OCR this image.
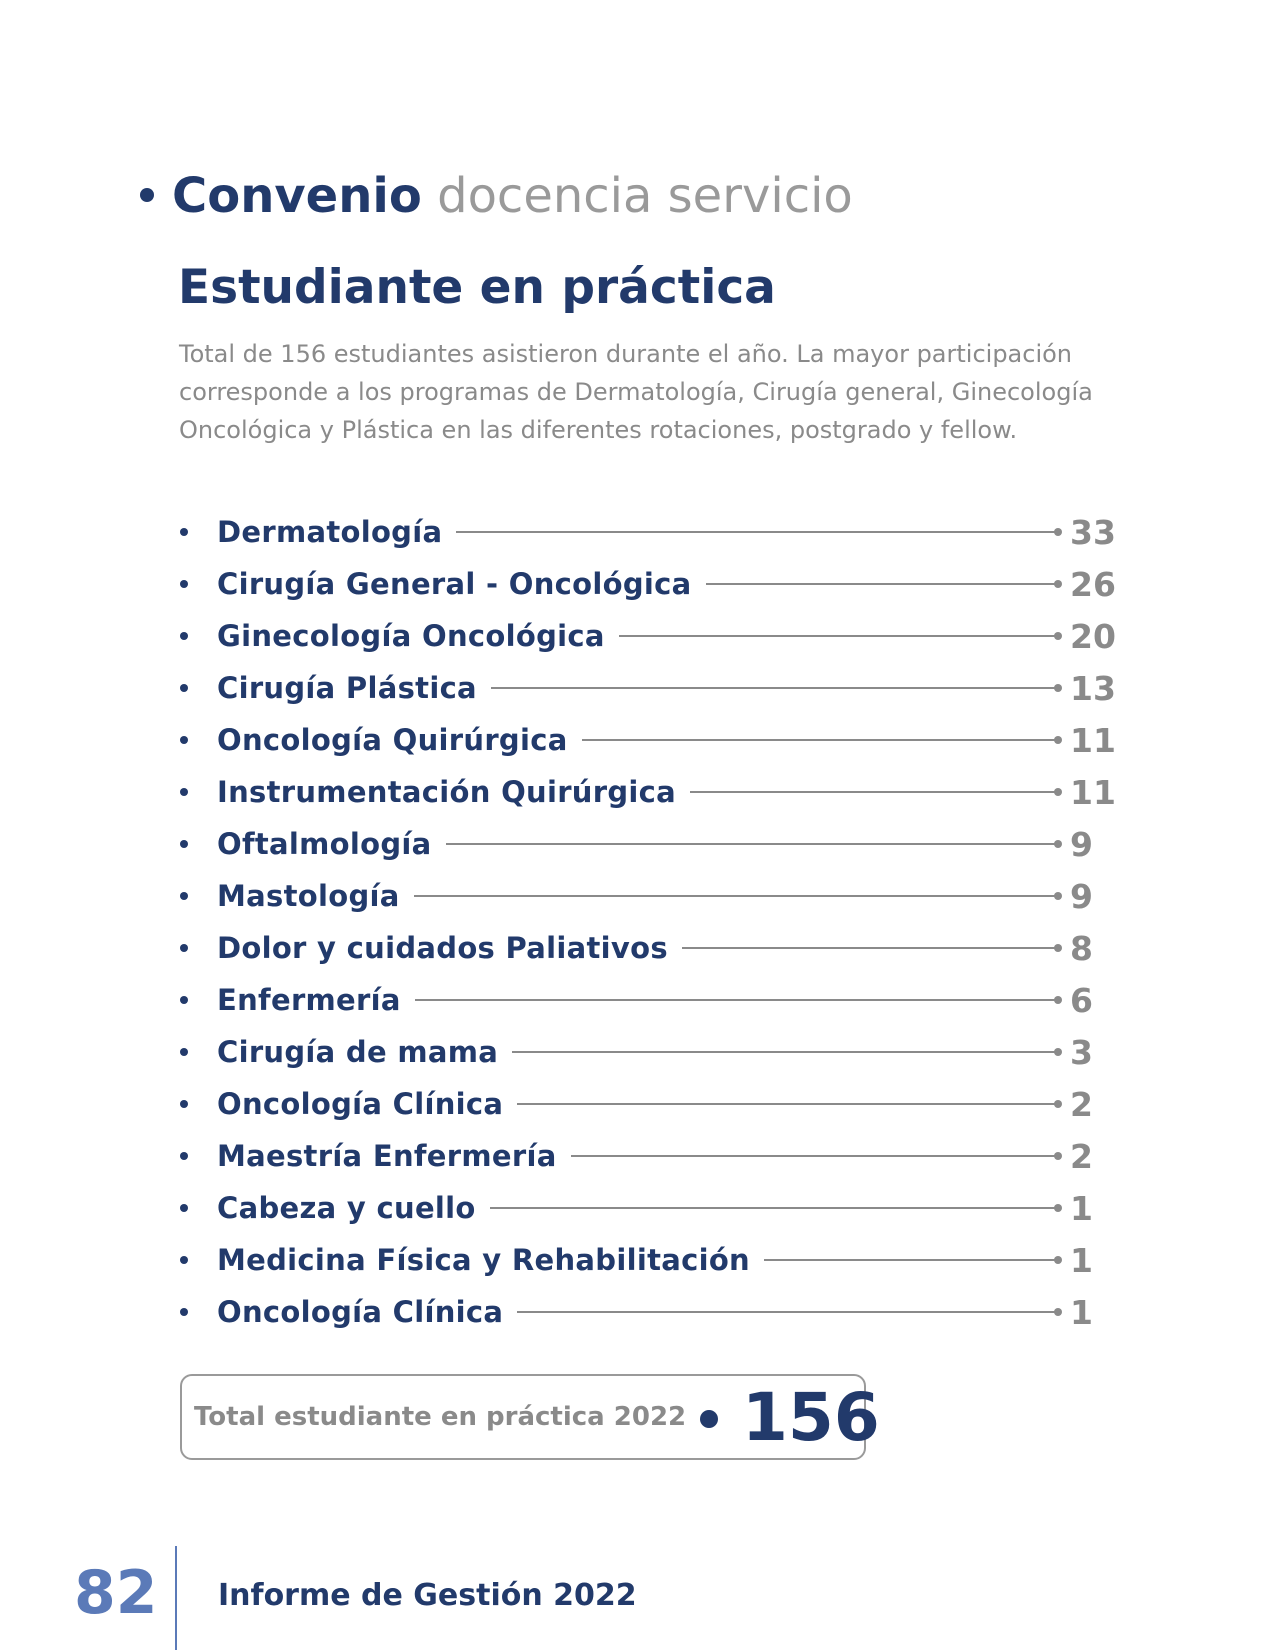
Convenio docencia servicio
Estudiante en práctica
Total de 156 estudiantes asistieron durante el año. La mayor participación corresponde a los programas de Dermatología, Cirugía general, Ginecología Oncológica y Plástica en las diferentes rotaciones, postgrado y fellow.
Dermatología	33
Cirugía General - Oncológica	26
Ginecología Oncológica	20
Cirugía Plástica	13
Oncología Quirúrgica	11
Instrumentación Quirúrgica	11
Oftalmología	9
Mastología	9
Dolor y cuidados Paliativos	8
Enfermería	6
Cirugía de mama	3
Oncología Clínica	2
Maestría Enfermería	2
Cabeza y cuello	1
Medicina Física y Rehabilitación	1
Oncología Clínica	1
Total estudiante en práctica 2022 156
82 Informe de Gestión 2022
